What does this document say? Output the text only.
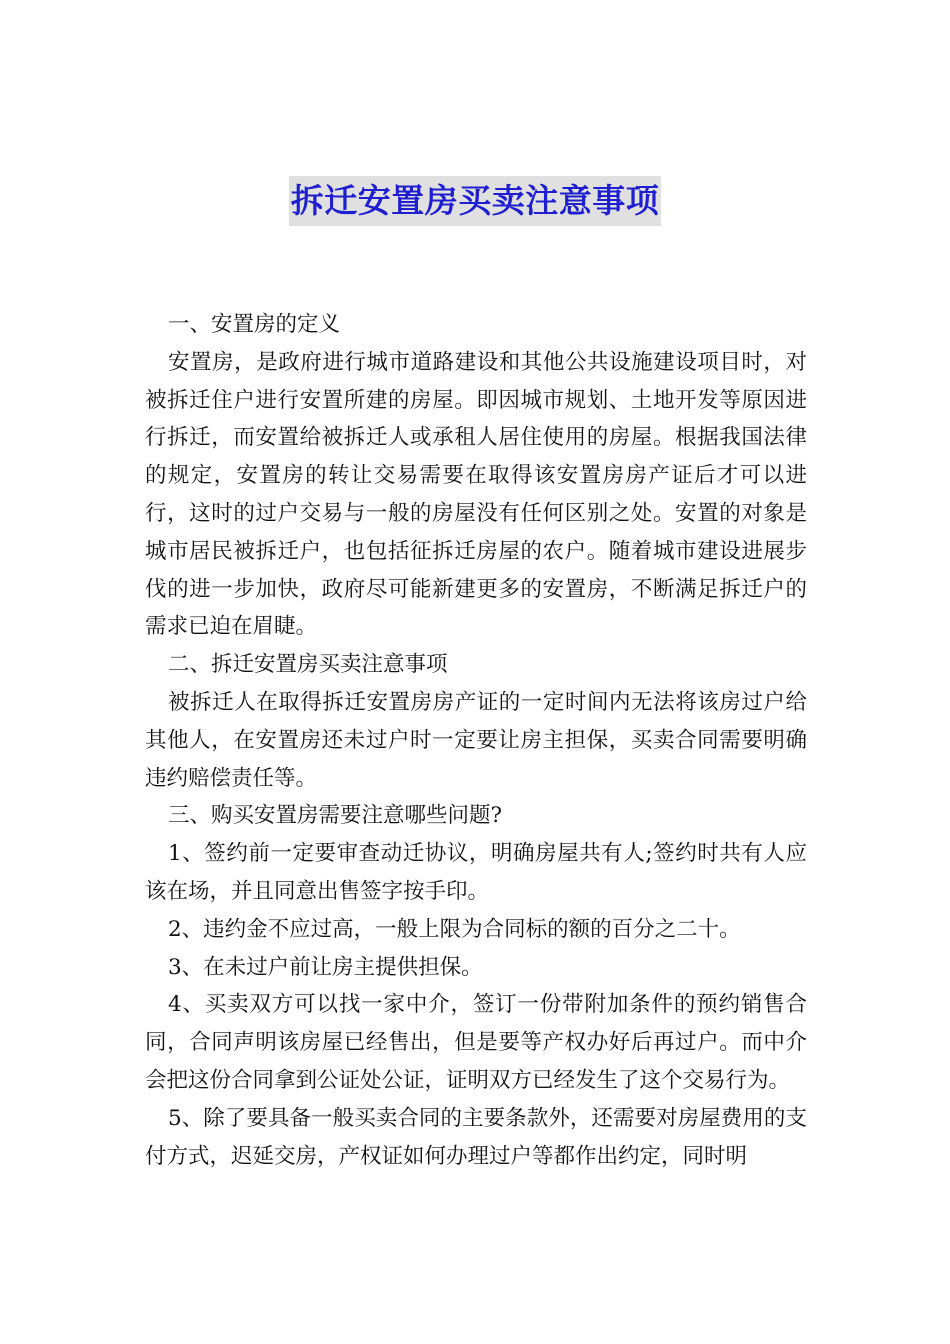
拆迁安置房买卖注意事项

一、安置房的定义

安置房，是政府进行城市道路建设和其他公共设施建设项目时，对被拆迁住户进行安置所建的房屋。即因城市规划、土地开发等原因进行拆迁，而安置给被拆迁人或承租人居住使用的房屋。根据我国法律的规定，安置房的转让交易需要在取得该安置房房产证后才可以进行，这时的过户交易与一般的房屋没有任何区别之处。安置的对象是城市居民被拆迁户，也包括征拆迁房屋的农户。随着城市建设进展步伐的进一步加快，政府尽可能新建更多的安置房，不断满足拆迁户的需求已迫在眉睫。

二、拆迁安置房买卖注意事项

被拆迁人在取得拆迁安置房房产证的一定时间内无法将该房过户给其他人，在安置房还未过户时一定要让房主担保，买卖合同需要明确违约赔偿责任等。

三、购买安置房需要注意哪些问题?

1、签约前一定要审查动迁协议，明确房屋共有人;签约时共有人应该在场，并且同意出售签字按手印。

2、违约金不应过高，一般上限为合同标的额的百分之二十。

3、在未过户前让房主提供担保。

4、买卖双方可以找一家中介，签订一份带附加条件的预约销售合同，合同声明该房屋已经售出，但是要等产权办好后再过户。而中介会把这份合同拿到公证处公证，证明双方已经发生了这个交易行为。

5、除了要具备一般买卖合同的主要条款外，还需要对房屋费用的支付方式，迟延交房，产权证如何办理过户等都作出约定，同时明
